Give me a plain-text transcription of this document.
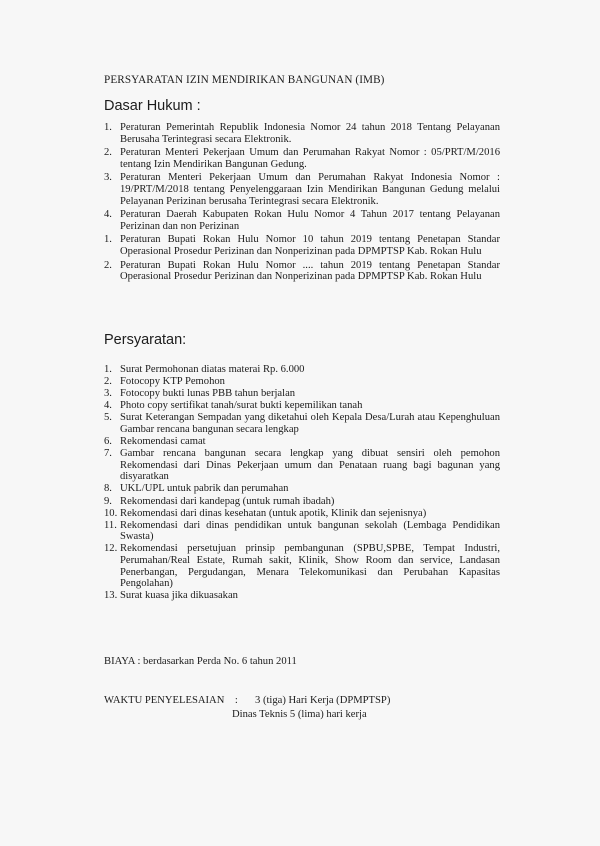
PERSYARATAN IZIN MENDIRIKAN BANGUNAN (IMB)
Dasar Hukum :
1. Peraturan Pemerintah Republik Indonesia Nomor 24 tahun 2018 Tentang Pelayanan Berusaha Terintegrasi secara Elektronik.
2. Peraturan Menteri Pekerjaan Umum dan Perumahan Rakyat Nomor : 05/PRT/M/2016 tentang Izin Mendirikan Bangunan Gedung.
3. Peraturan Menteri Pekerjaan Umum dan Perumahan Rakyat Indonesia Nomor : 19/PRT/M/2018 tentang Penyelenggaraan Izin Mendirikan Bangunan Gedung melalui Pelayanan Perizinan berusaha Terintegrasi secara Elektronik.
4. Peraturan Daerah Kabupaten Rokan Hulu Nomor 4 Tahun 2017 tentang Pelayanan Perizinan dan non Perizinan
1. Peraturan Bupati Rokan Hulu Nomor 10 tahun 2019 tentang Penetapan Standar Operasional Prosedur Perizinan dan Nonperizinan pada DPMPTSP Kab. Rokan Hulu
2. Peraturan Bupati Rokan Hulu Nomor .... tahun 2019 tentang Penetapan Standar Operasional Prosedur Perizinan dan Nonperizinan pada DPMPTSP Kab. Rokan Hulu
Persyaratan:
1. Surat Permohonan diatas materai Rp. 6.000
2. Fotocopy KTP Pemohon
3. Fotocopy bukti lunas PBB tahun berjalan
4. Photo copy sertifikat tanah/surat bukti kepemilikan tanah
5. Surat Keterangan Sempadan yang diketahui oleh Kepala Desa/Lurah atau Kepenghuluan Gambar rencana bangunan secara lengkap
6. Rekomendasi camat
7. Gambar rencana bangunan secara lengkap yang dibuat sensiri oleh pemohon Rekomendasi dari Dinas Pekerjaan umum dan Penataan ruang bagi bagunan yang disyaratkan
8. UKL/UPL untuk pabrik dan perumahan
9. Rekomendasi dari kandepag (untuk rumah ibadah)
10. Rekomendasi dari dinas kesehatan (untuk apotik, Klinik dan sejenisnya)
11. Rekomendasi dari dinas pendidikan untuk bangunan sekolah (Lembaga Pendidikan Swasta)
12. Rekomendasi persetujuan prinsip pembangunan (SPBU,SPBE, Tempat Industri, Perumahan/Real Estate, Rumah sakit, Klinik, Show Room dan service, Landasan Penerbangan, Pergudangan, Menara Telekomunikasi dan Perubahan Kapasitas Pengolahan)
13. Surat kuasa jika dikuasakan
BIAYA : berdasarkan Perda No. 6 tahun 2011
WAKTU PENYELESAIAN    : 3 (tiga) Hari Kerja (DPMPTSP)
Dinas Teknis 5 (lima) hari kerja
